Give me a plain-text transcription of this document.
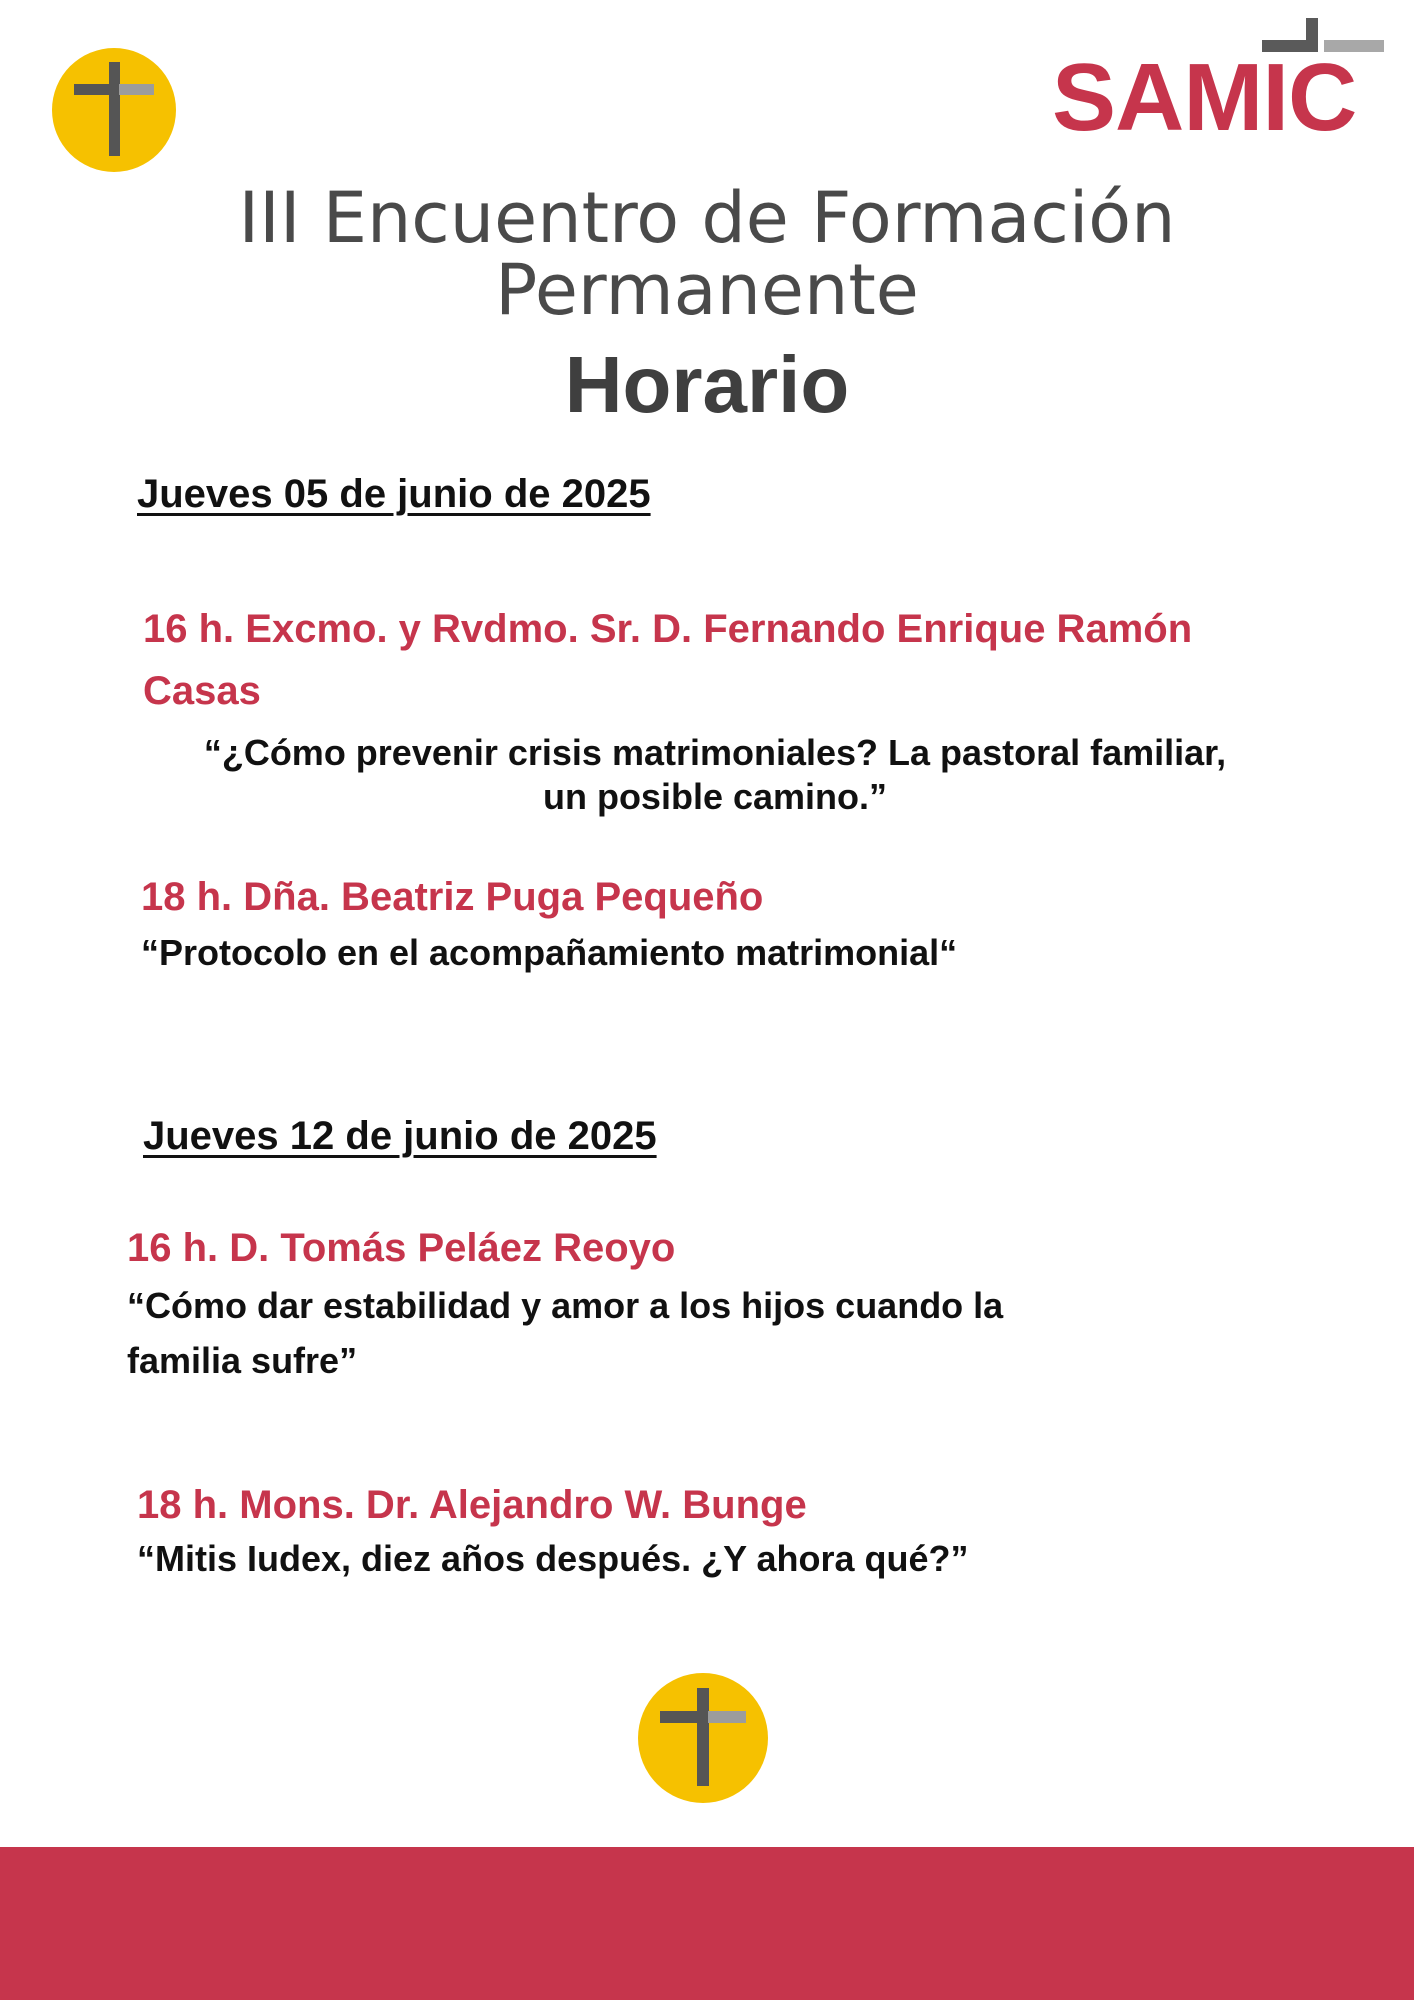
SAMIC
III Encuentro de Formación
Permanente
Horario
Jueves 05 de junio de 2025
16 h. Excmo. y Rvdmo. Sr. D. Fernando Enrique Ramón
Casas
“¿Cómo prevenir crisis matrimoniales? La pastoral familiar,
un posible camino.”
18 h. Dña. Beatriz Puga Pequeño
“Protocolo en el acompañamiento matrimonial“
Jueves 12 de junio de 2025
16 h. D. Tomás Peláez Reoyo
“Cómo dar estabilidad y amor a los hijos cuando la
familia sufre”
18 h. Mons. Dr. Alejandro W. Bunge
“Mitis Iudex, diez años después. ¿Y ahora qué?”
